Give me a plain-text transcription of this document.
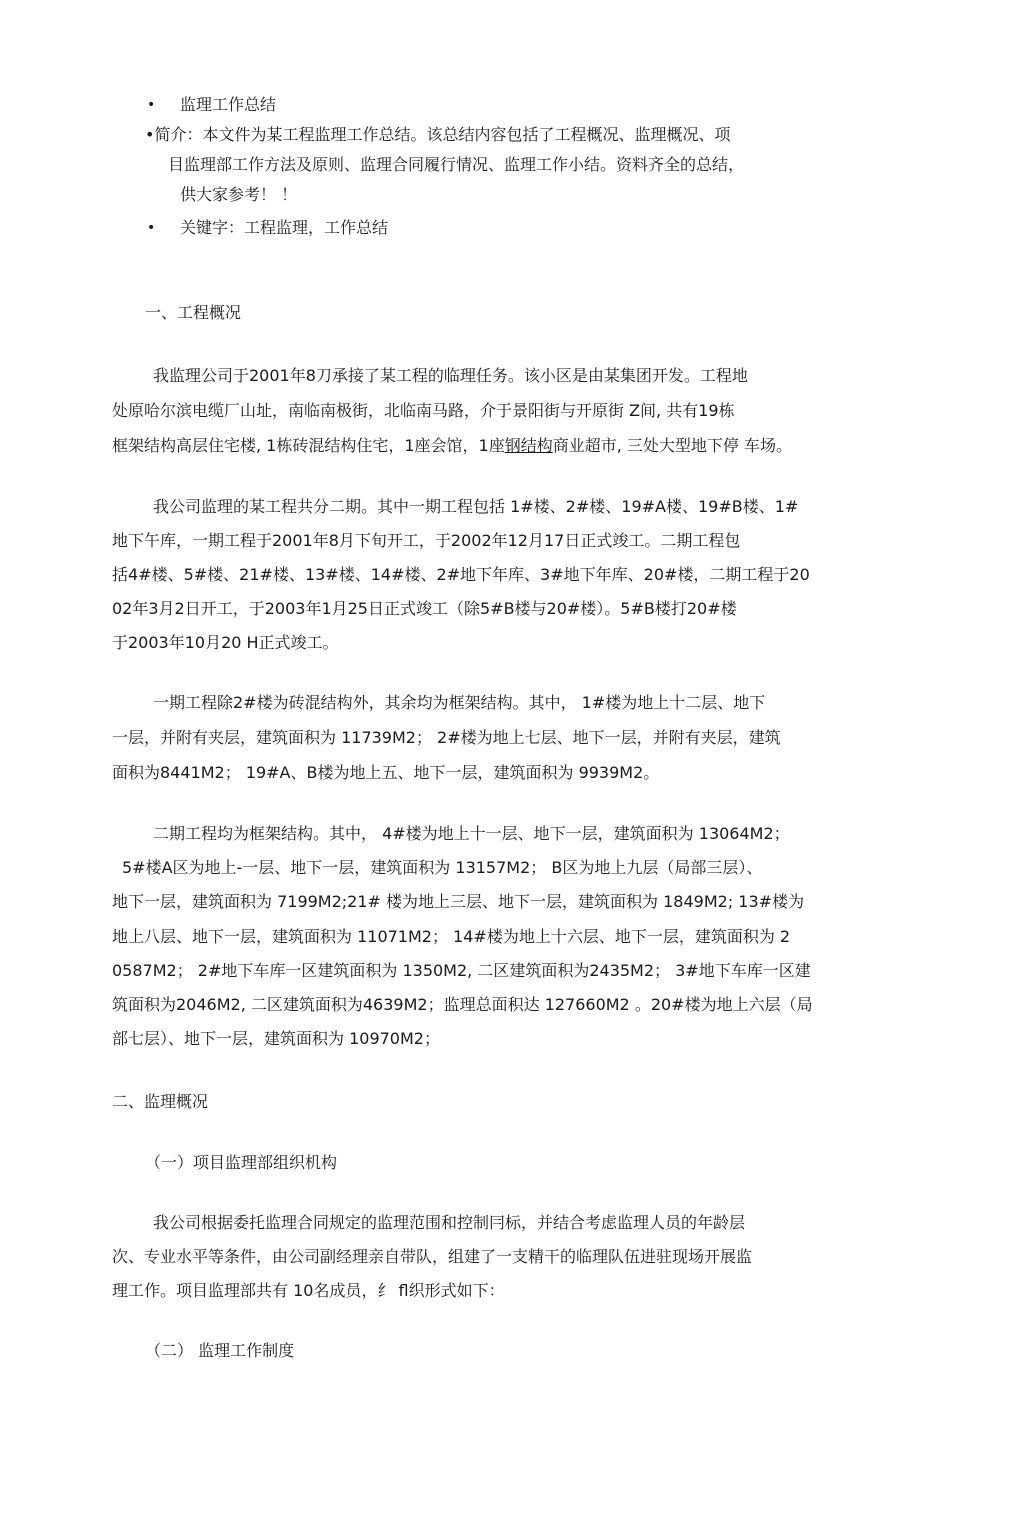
• 监理工作总结
•简介：本文件为某工程监理工作总结。该总结内容包括了工程概况、监理概况、项
目监理部工作方法及原则、监理合同履行情况、监理工作小结。资料齐全的总结，
供大家参考！ ！
• 关键字：工程监理，工作总结
一、工程概况
我监理公司于2001年8刀承接了某工程的临理任务。该小区是由某集团开发。工程地
处原哈尔滨电缆厂山址，南临南极街，北临南马路，介于景阳街与开原街 Z间, 共有19栋
框架结构高层住宅楼, 1栋砖混结构住宅，1座会馆，1座钢结构商业超市, 三处大型地下停 车场。
我公司监理的某工程共分二期。其中一期工程包括 1#楼、2#楼、19#A楼、19#B楼、1#
地下午库，一期工程于2001年8月下旬开工，于2002年12月17日正式竣工。二期工程包
括4#楼、5#楼、21#楼、13#楼、14#楼、2#地下年库、3#地下年库、20#楼，二期工程于20
02年3月2日开工，于2003年1月25日正式竣工（除5#B楼与20#楼）。5#B楼打20#楼
于2003年10月20 H正式竣工。
一期工程除2#楼为砖混结构外，其余均为框架结构。其中， 1#楼为地上十二层、地下
一层，并附有夹层，建筑面积为 11739M2； 2#楼为地上七层、地下一层，并附有夹层，建筑
面积为8441M2； 19#A、B楼为地上五、地下一层，建筑面积为 9939M2。
二期工程均为框架结构。其中， 4#楼为地上十一层、地下一层，建筑面积为 13064M2；
5#楼A区为地上-一层、地下一层，建筑面积为 13157M2； B区为地上九层（局部三层）、
地下一层，建筑面积为 7199M2;21# 楼为地上三层、地下一层，建筑面积为 1849M2; 13#楼为
地上八层、地下一层，建筑面积为 11071M2； 14#楼为地上十六层、地下一层，建筑面积为 2
0587M2； 2#地下车库一区建筑面积为 1350M2, 二区建筑面积为2435M2； 3#地下车库一区建
筑面积为2046M2, 二区建筑面积为4639M2；监理总面积达 127660M2 。20#楼为地上六层（局
部七层）、地下一层，建筑面积为 10970M2；
二、监理概况
（一）项目监理部组织机构
我公司根据委托监理合同规定的监理范围和控制冃标，并结合考虑监理人员的年龄层
次、专业水平等条件，由公司副经理亲自带队，组建了一支精干的临理队伍进驻现场开展监
理工作。项目监理部共有 10名成员，纟 fl织形式如下：
（二） 监理工作制度
